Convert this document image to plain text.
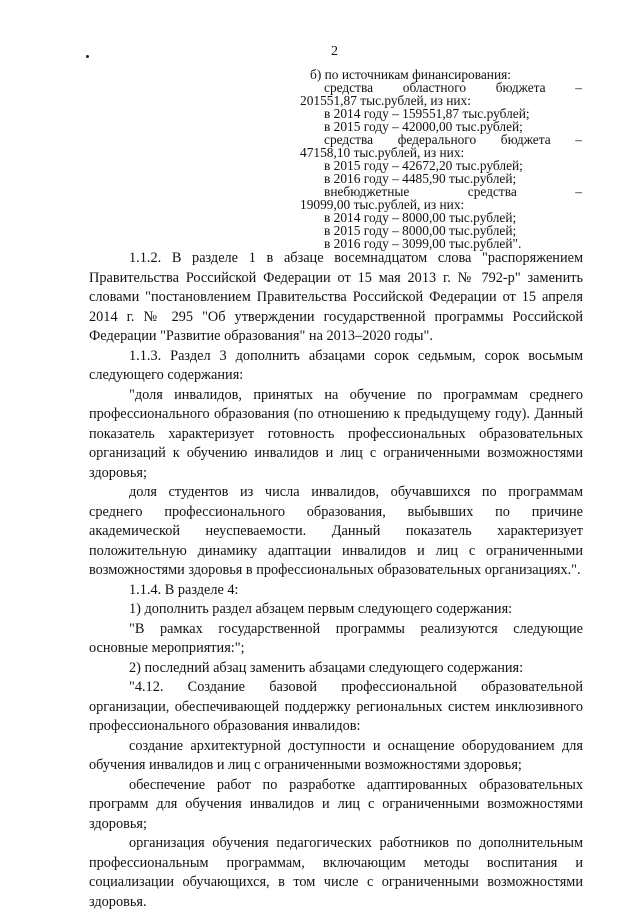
2
б) по источникам финансирования:
средства областного бюджета –
201551,87 тыс.рублей, из них:
в 2014 году – 159551,87 тыс.рублей;
в 2015 году – 42000,00 тыс.рублей;
средства федерального бюджета –
47158,10 тыс.рублей, из них:
в 2015 году – 42672,20 тыс.рублей;
в 2016 году – 4485,90 тыс.рублей;
внебюджетные	средства	–
19099,00 тыс.рублей, из них:
в 2014 году – 8000,00 тыс.рублей;
в 2015 году – 8000,00 тыс.рублей;
в 2016 году – 3099,00 тыс.рублей".

1.1.2. В разделе 1 в абзаце восемнадцатом слова "распоряжением Правительства Российской Федерации от 15 мая 2013 г. № 792-р" заменить словами "постановлением Правительства Российской Федерации от 15 апреля 2014 г. № 295 "Об утверждении государственной программы Российской Федерации "Развитие образования" на 2013–2020 годы".

1.1.3. Раздел 3 дополнить абзацами сорок седьмым, сорок восьмым следующего содержания:

"доля инвалидов, принятых на обучение по программам среднего профессионального образования (по отношению к предыдущему году). Данный показатель характеризует готовность профессиональных образовательных организаций к обучению инвалидов и лиц с ограниченными возможностями здоровья;

доля студентов из числа инвалидов, обучавшихся по программам среднего профессионального образования, выбывших по причине академической неуспеваемости. Данный показатель характеризует положительную динамику адаптации инвалидов и лиц с ограниченными возможностями здоровья в профессиональных образовательных организациях.".

1.1.4. В разделе 4:

1) дополнить раздел абзацем первым следующего содержания:

"В рамках государственной программы реализуются следующие основные мероприятия:";

2) последний абзац заменить абзацами следующего содержания:

"4.12. Создание базовой профессиональной образовательной организации, обеспечивающей поддержку региональных систем инклюзивного профессионального образования инвалидов:

создание архитектурной доступности и оснащение оборудованием для обучения инвалидов и лиц с ограниченными возможностями здоровья;

обеспечение работ по разработке адаптированных образовательных программ для обучения инвалидов и лиц с ограниченными возможностями здоровья;

организация обучения педагогических работников по дополнительным профессиональным программам, включающим методы воспитания и социализации обучающихся, в том числе с ограниченными возможностями здоровья.
